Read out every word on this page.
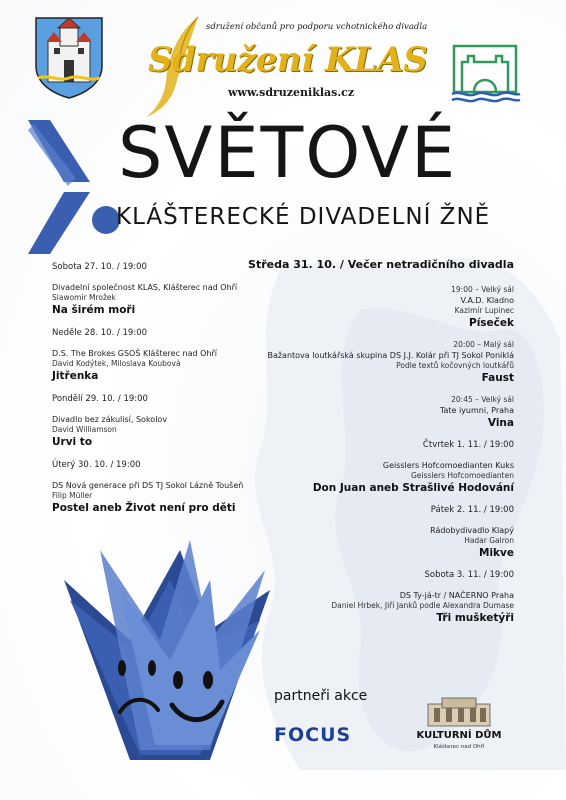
sdružení občanů pro podporu vchotnického divadla
Sdružení KLAS
www.sdruzeniklas.cz
SVĚTOVÉ
KLÁŠTERECKÉ DIVADELNÍ ŽNĚ
Sobota 27. 10. / 19:00
Divadelní společnost KLAS, Klášterec nad Ohří
Slawomir Mrožek
Na širém moři
Neděle 28. 10. / 19:00
D.S. The Brokes GSOŠ Klášterec nad Ohří
David Kodýtek, Miloslava Koubová
Jitřenka
Pondělí 29. 10. / 19:00
Divadlo bez zákulisí, Sokolov
David Williamson
Urvi to
Úterý 30. 10. / 19:00
DS Nová generace při DS TJ Sokol Lázně Toušeň
Filip Müller
Postel aneb Život není pro děti
Středa 31. 10. / Večer netradičního divadla
19:00 – Velký sál
V.A.D. Kladno
Kazimír Lupinec
Píseček
20:00 – Malý sál
Bažantova loutkářská skupina DS J.J. Kolár při TJ Sokol Poniklá
Podle textů kočovných loutkářů
Faust
20:45 – Velký sál
Tate iyumni, Praha
Vina
Čtvrtek 1. 11. / 19:00
Geisslers Hofcomoedianten Kuks
Geisslers Hofcomoedianten
Don Juan aneb Strašlivé Hodování
Pátek 2. 11. / 19:00
Rádobydivadlo Klapý
Hadar Galron
Mikve
Sobota 3. 11. / 19:00
DS Ty-já-tr / NAČERNO Praha
Daniel Hrbek, Jiří Janků podle Alexandra Dumase
Tři mušketýři
partneři akce
FOCUS	KULTURNÍ DŮM
Klášterec nad Ohří
